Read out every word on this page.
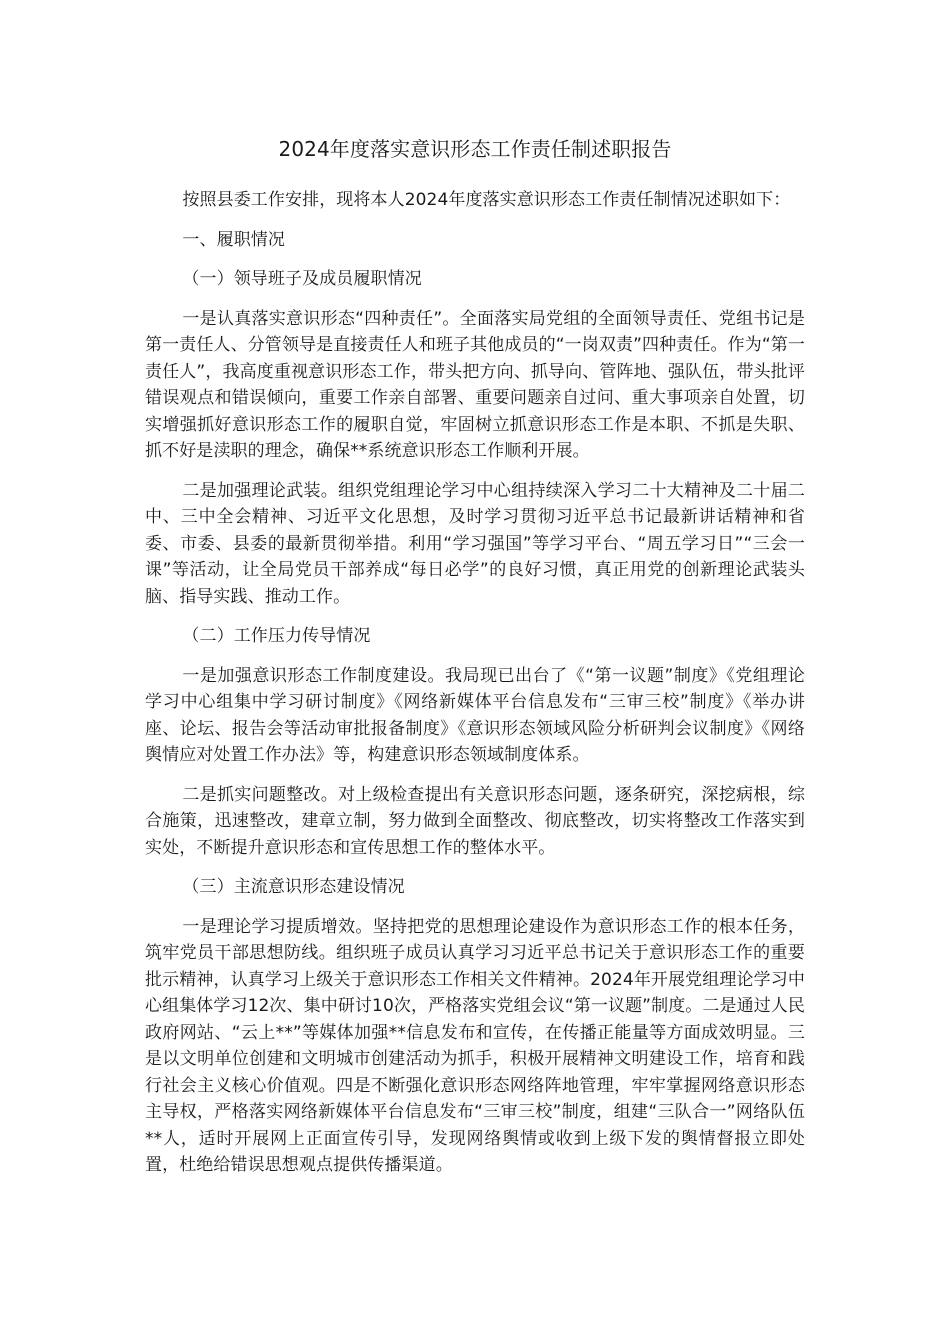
2024年度落实意识形态工作责任制述职报告
按照县委工作安排，现将本人2024年度落实意识形态工作责任制情况述职如下：
一、履职情况
（一）领导班子及成员履职情况
一是认真落实意识形态“四种责任”。全面落实局党组的全面领导责任、党组书记是第一责任人、分管领导是直接责任人和班子其他成员的“一岗双责”四种责任。作为“第一责任人”，我高度重视意识形态工作，带头把方向、抓导向、管阵地、强队伍，带头批评错误观点和错误倾向，重要工作亲自部署、重要问题亲自过问、重大事项亲自处置，切实增强抓好意识形态工作的履职自觉，牢固树立抓意识形态工作是本职、不抓是失职、抓不好是渎职的理念，确保**系统意识形态工作顺利开展。
二是加强理论武装。组织党组理论学习中心组持续深入学习二十大精神及二十届二中、三中全会精神、习近平文化思想，及时学习贯彻习近平总书记最新讲话精神和省委、市委、县委的最新贯彻举措。利用“学习强国”等学习平台、“周五学习日”“三会一课”等活动，让全局党员干部养成“每日必学”的良好习惯，真正用党的创新理论武装头脑、指导实践、推动工作。
（二）工作压力传导情况
一是加强意识形态工作制度建设。我局现已出台了《“第一议题”制度》《党组理论学习中心组集中学习研讨制度》《网络新媒体平台信息发布“三审三校”制度》《举办讲座、论坛、报告会等活动审批报备制度》《意识形态领域风险分析研判会议制度》《网络舆情应对处置工作办法》等，构建意识形态领域制度体系。
二是抓实问题整改。对上级检查提出有关意识形态问题，逐条研究，深挖病根，综合施策，迅速整改，建章立制，努力做到全面整改、彻底整改，切实将整改工作落实到实处，不断提升意识形态和宣传思想工作的整体水平。
（三）主流意识形态建设情况
一是理论学习提质增效。坚持把党的思想理论建设作为意识形态工作的根本任务，筑牢党员干部思想防线。组织班子成员认真学习习近平总书记关于意识形态工作的重要批示精神，认真学习上级关于意识形态工作相关文件精神。2024年开展党组理论学习中心组集体学习12次、集中研讨10次，严格落实党组会议“第一议题”制度。二是通过人民政府网站、“云上**”等媒体加强**信息发布和宣传，在传播正能量等方面成效明显。三是以文明单位创建和文明城市创建活动为抓手，积极开展精神文明建设工作，培育和践行社会主义核心价值观。四是不断强化意识形态网络阵地管理，牢牢掌握网络意识形态主导权，严格落实网络新媒体平台信息发布“三审三校”制度，组建“三队合一”网络队伍**人，适时开展网上正面宣传引导，发现网络舆情或收到上级下发的舆情督报立即处置，杜绝给错误思想观点提供传播渠道。
